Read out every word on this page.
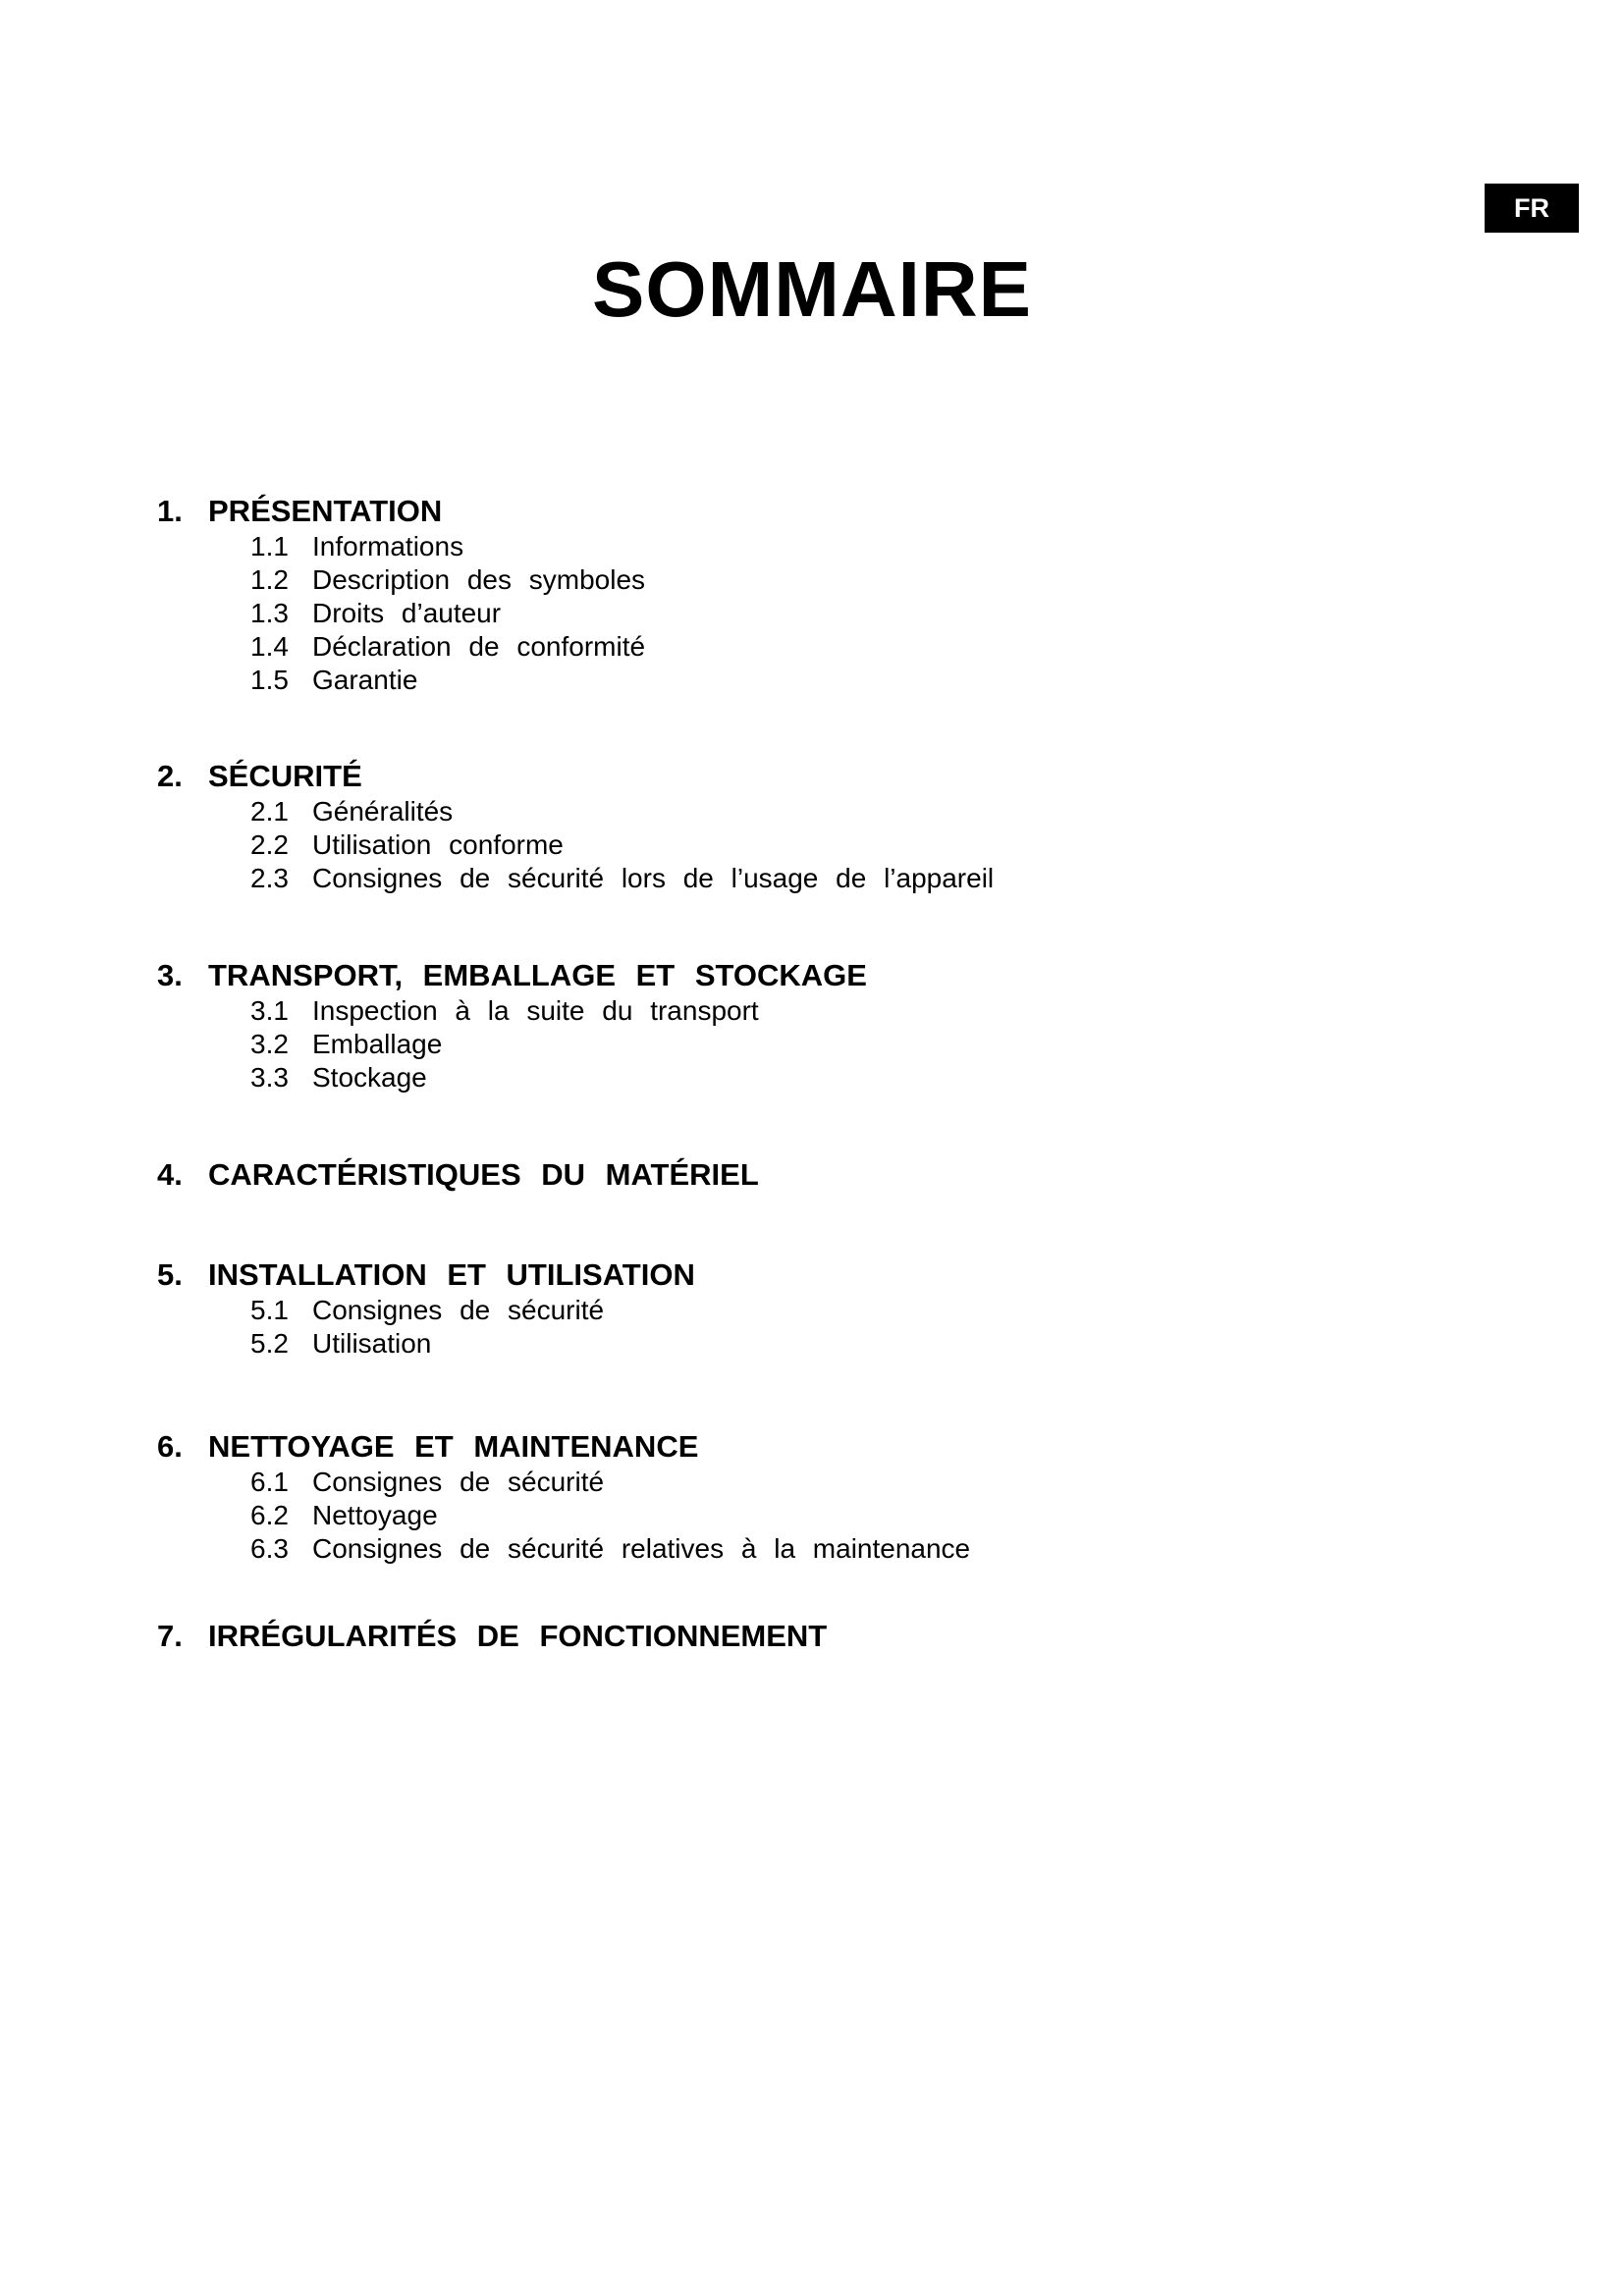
SOMMAIRE
FR
1. PRÉSENTATION
1.1 Informations
1.2 Description des symboles
1.3 Droits d’auteur
1.4 Déclaration de conformité
1.5 Garantie
2. SÉCURITÉ
2.1 Généralités
2.2 Utilisation conforme
2.3 Consignes de sécurité lors de l’usage de l’appareil
3. TRANSPORT, EMBALLAGE ET STOCKAGE
3.1 Inspection à la suite du transport
3.2 Emballage
3.3 Stockage
4. CARACTÉRISTIQUES DU MATÉRIEL
5. INSTALLATION ET UTILISATION
5.1 Consignes de sécurité
5.2 Utilisation
6. NETTOYAGE ET MAINTENANCE
6.1 Consignes de sécurité
6.2 Nettoyage
6.3 Consignes de sécurité relatives à la maintenance
7. IRRÉGULARITÉS DE FONCTIONNEMENT
